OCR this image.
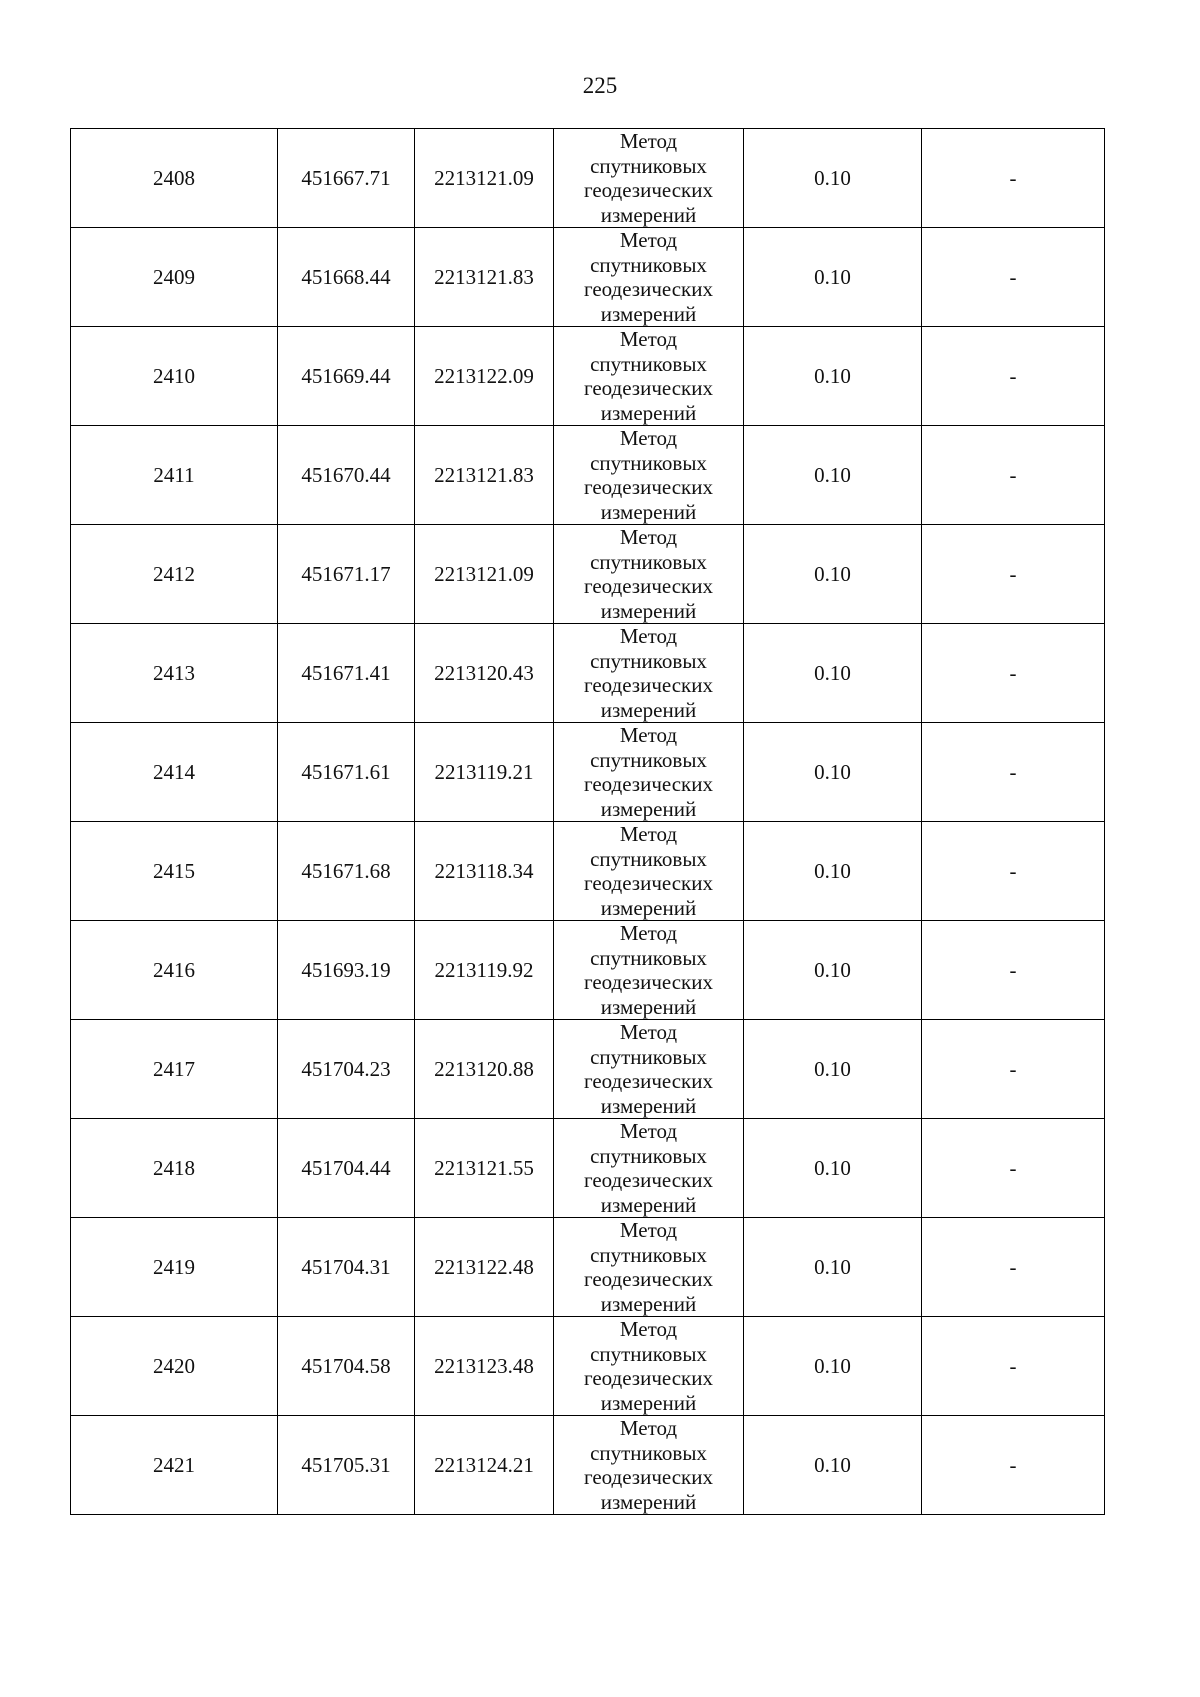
225
2408	451667.71	2213121.09	Метод
спутниковых
геодезических
измерений	0.10	-
2409	451668.44	2213121.83	Метод
спутниковых
геодезических
измерений	0.10	-
2410	451669.44	2213122.09	Метод
спутниковых
геодезических
измерений	0.10	-
2411	451670.44	2213121.83	Метод
спутниковых
геодезических
измерений	0.10	-
2412	451671.17	2213121.09	Метод
спутниковых
геодезических
измерений	0.10	-
2413	451671.41	2213120.43	Метод
спутниковых
геодезических
измерений	0.10	-
2414	451671.61	2213119.21	Метод
спутниковых
геодезических
измерений	0.10	-
2415	451671.68	2213118.34	Метод
спутниковых
геодезических
измерений	0.10	-
2416	451693.19	2213119.92	Метод
спутниковых
геодезических
измерений	0.10	-
2417	451704.23	2213120.88	Метод
спутниковых
геодезических
измерений	0.10	-
2418	451704.44	2213121.55	Метод
спутниковых
геодезических
измерений	0.10	-
2419	451704.31	2213122.48	Метод
спутниковых
геодезических
измерений	0.10	-
2420	451704.58	2213123.48	Метод
спутниковых
геодезических
измерений	0.10	-
2421	451705.31	2213124.21	Метод
спутниковых
геодезических
измерений	0.10	-
